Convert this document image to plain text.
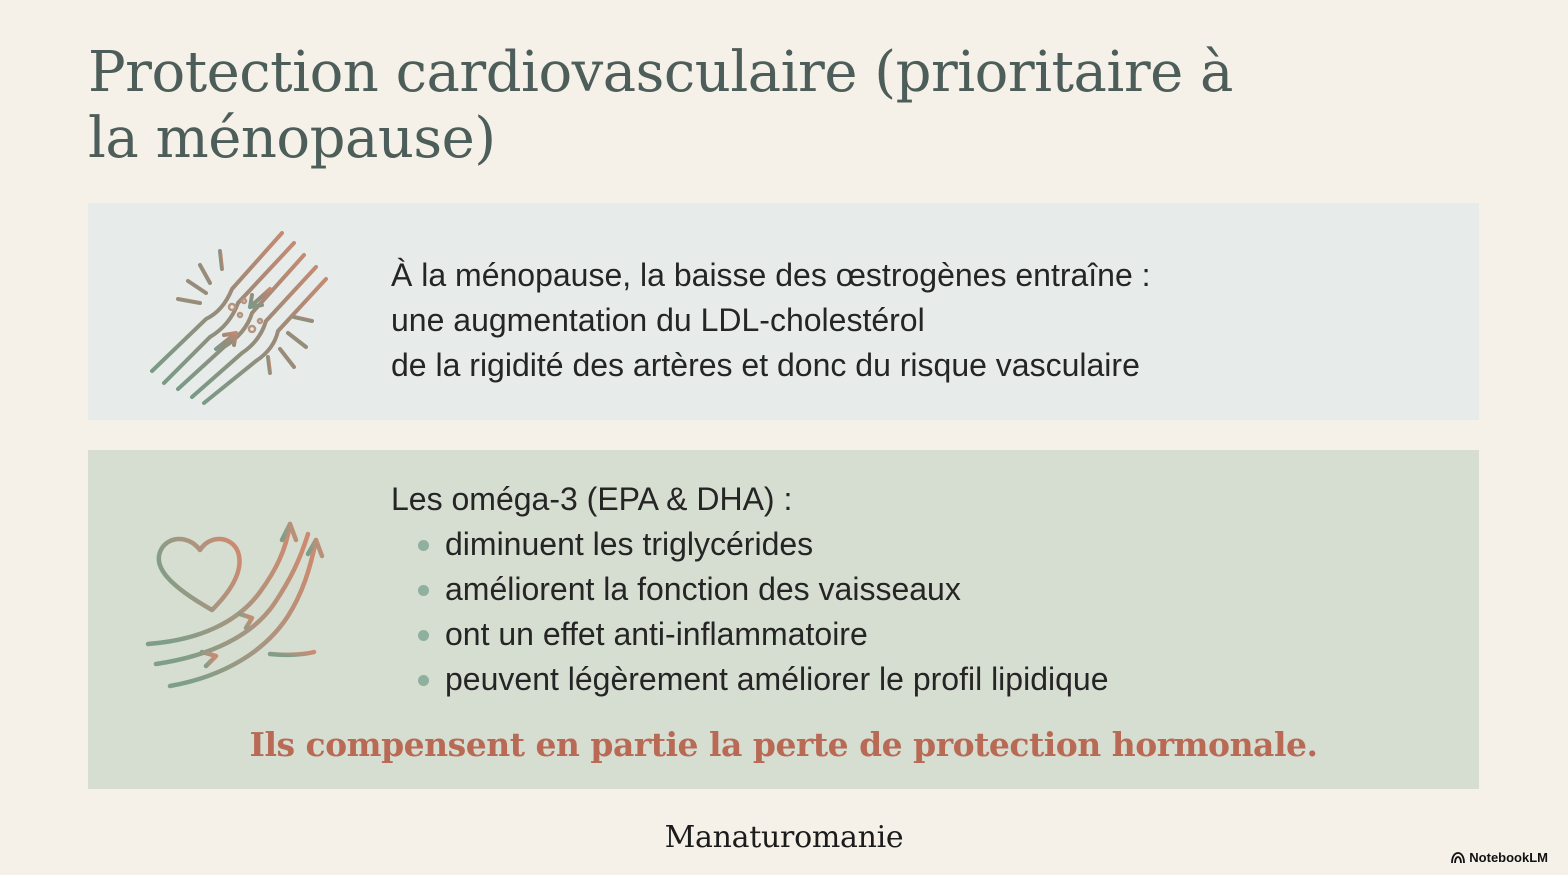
Protection cardiovasculaire (prioritaire à la ménopause)
À la ménopause, la baisse des œstrogènes entraîne :
une augmentation du LDL-cholestérol
de la rigidité des artères et donc du risque vasculaire
Les oméga-3 (EPA & DHA) :
diminuent les triglycérides
améliorent la fonction des vaisseaux
ont un effet anti-inflammatoire
peuvent légèrement améliorer le profil lipidique
Ils compensent en partie la perte de protection hormonale.
Manaturomanie
NotebookLM
